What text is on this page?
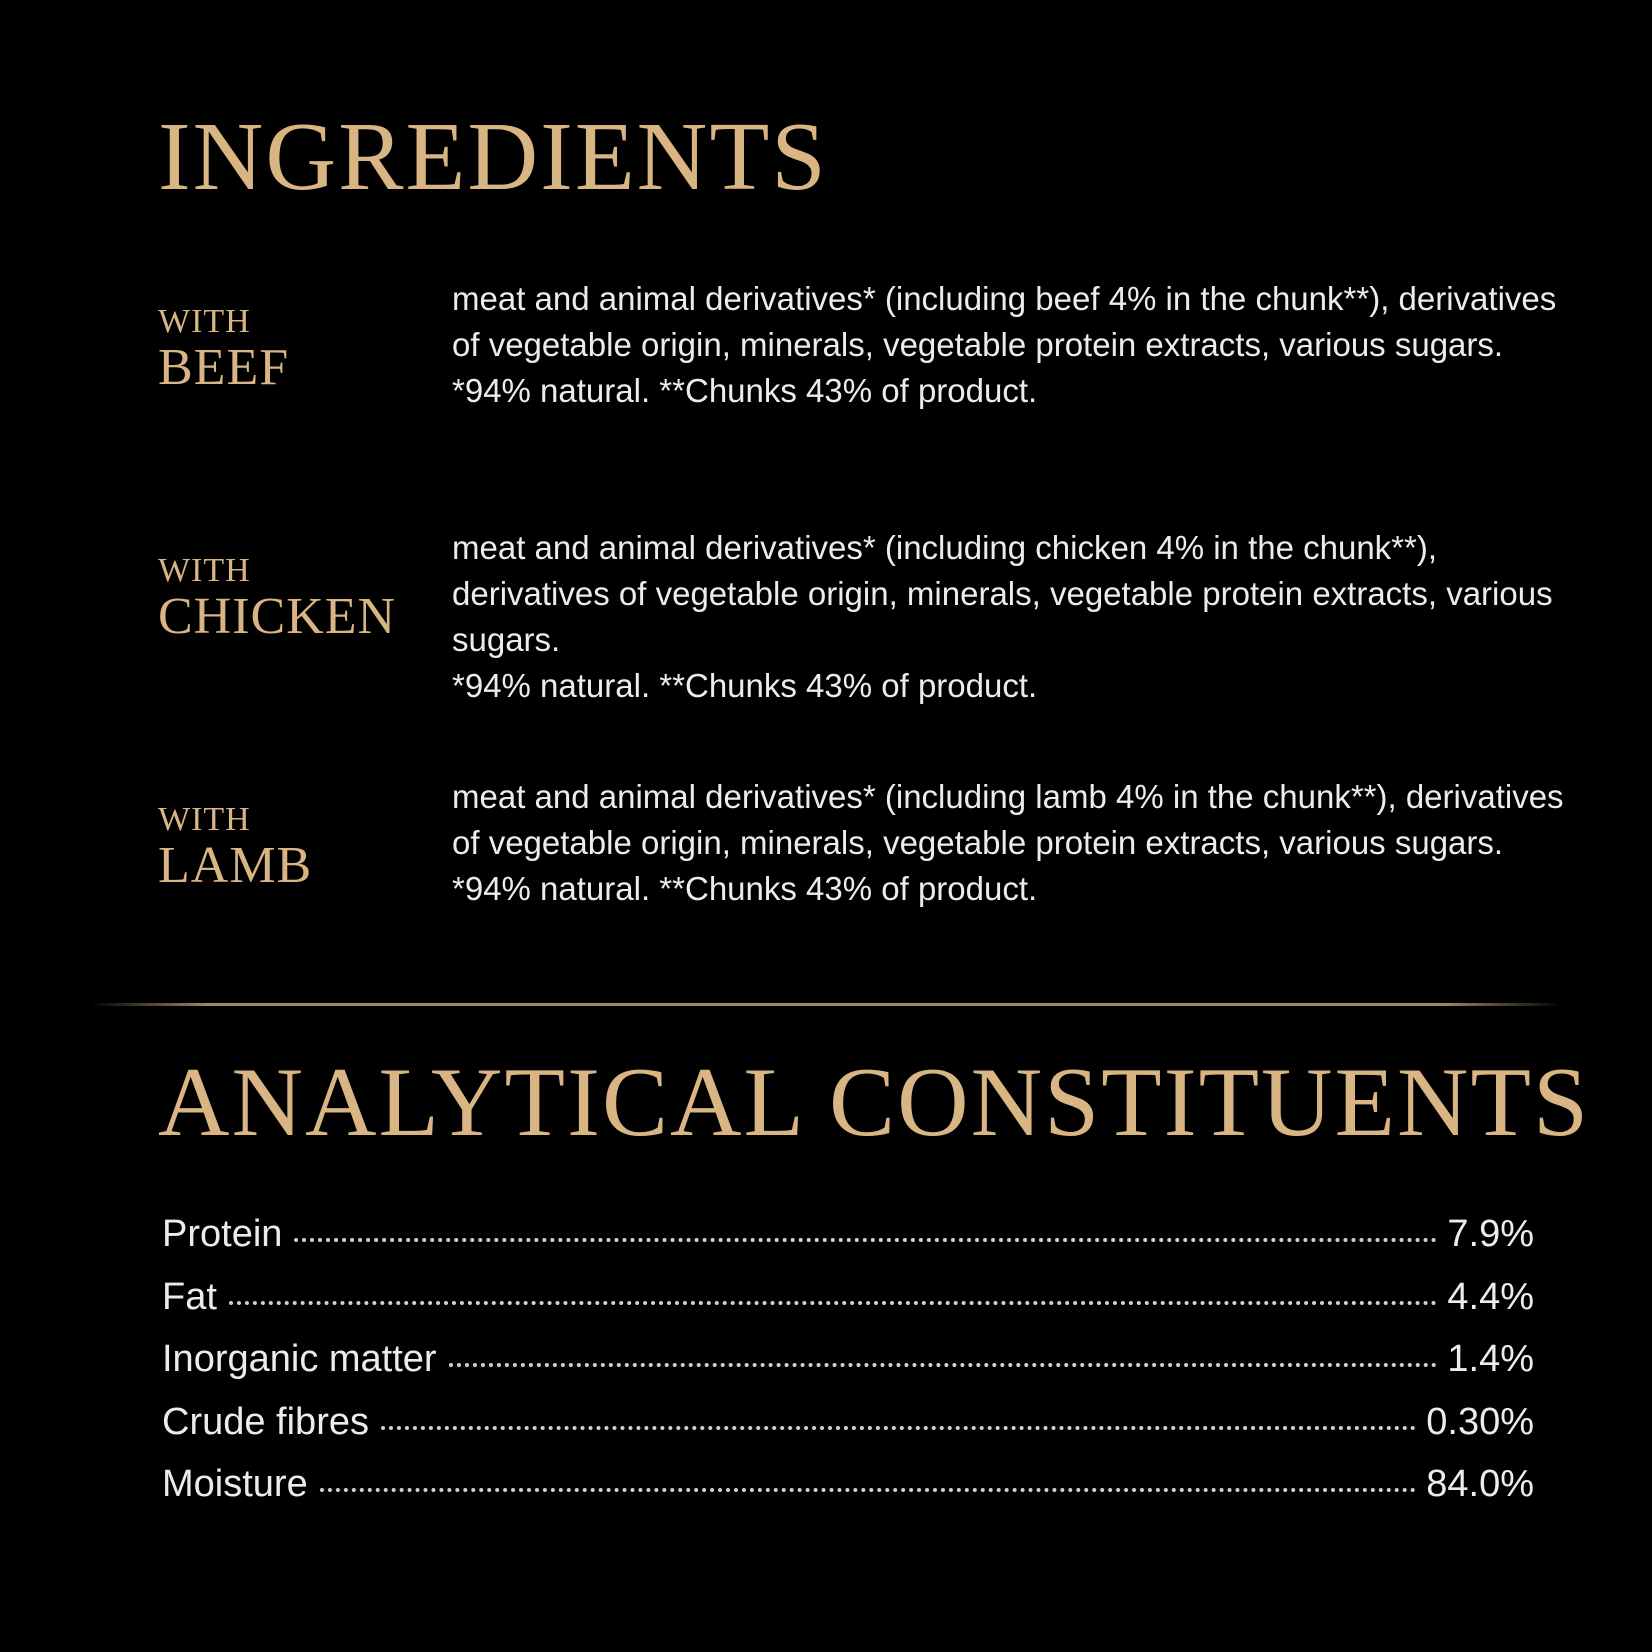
INGREDIENTS
WITH
BEEF

meat and animal derivatives* (including beef 4% in the chunk**), derivatives of vegetable origin, minerals, vegetable protein extracts, various sugars.

*94% natural. **Chunks 43% of product.

WITH
CHICKEN

meat and animal derivatives* (including chicken 4% in the chunk**), derivatives of vegetable origin, minerals, vegetable protein extracts, various sugars.

*94% natural. **Chunks 43% of product.

WITH
LAMB

meat and animal derivatives* (including lamb 4% in the chunk**), derivatives of vegetable origin, minerals, vegetable protein extracts, various sugars.

*94% natural. **Chunks 43% of product.

ANALYTICAL CONSTITUENTS
Protein	7.9%
Fat	4.4%
Inorganic matter	1.4%
Crude fibres	0.30%
Moisture	84.0%
